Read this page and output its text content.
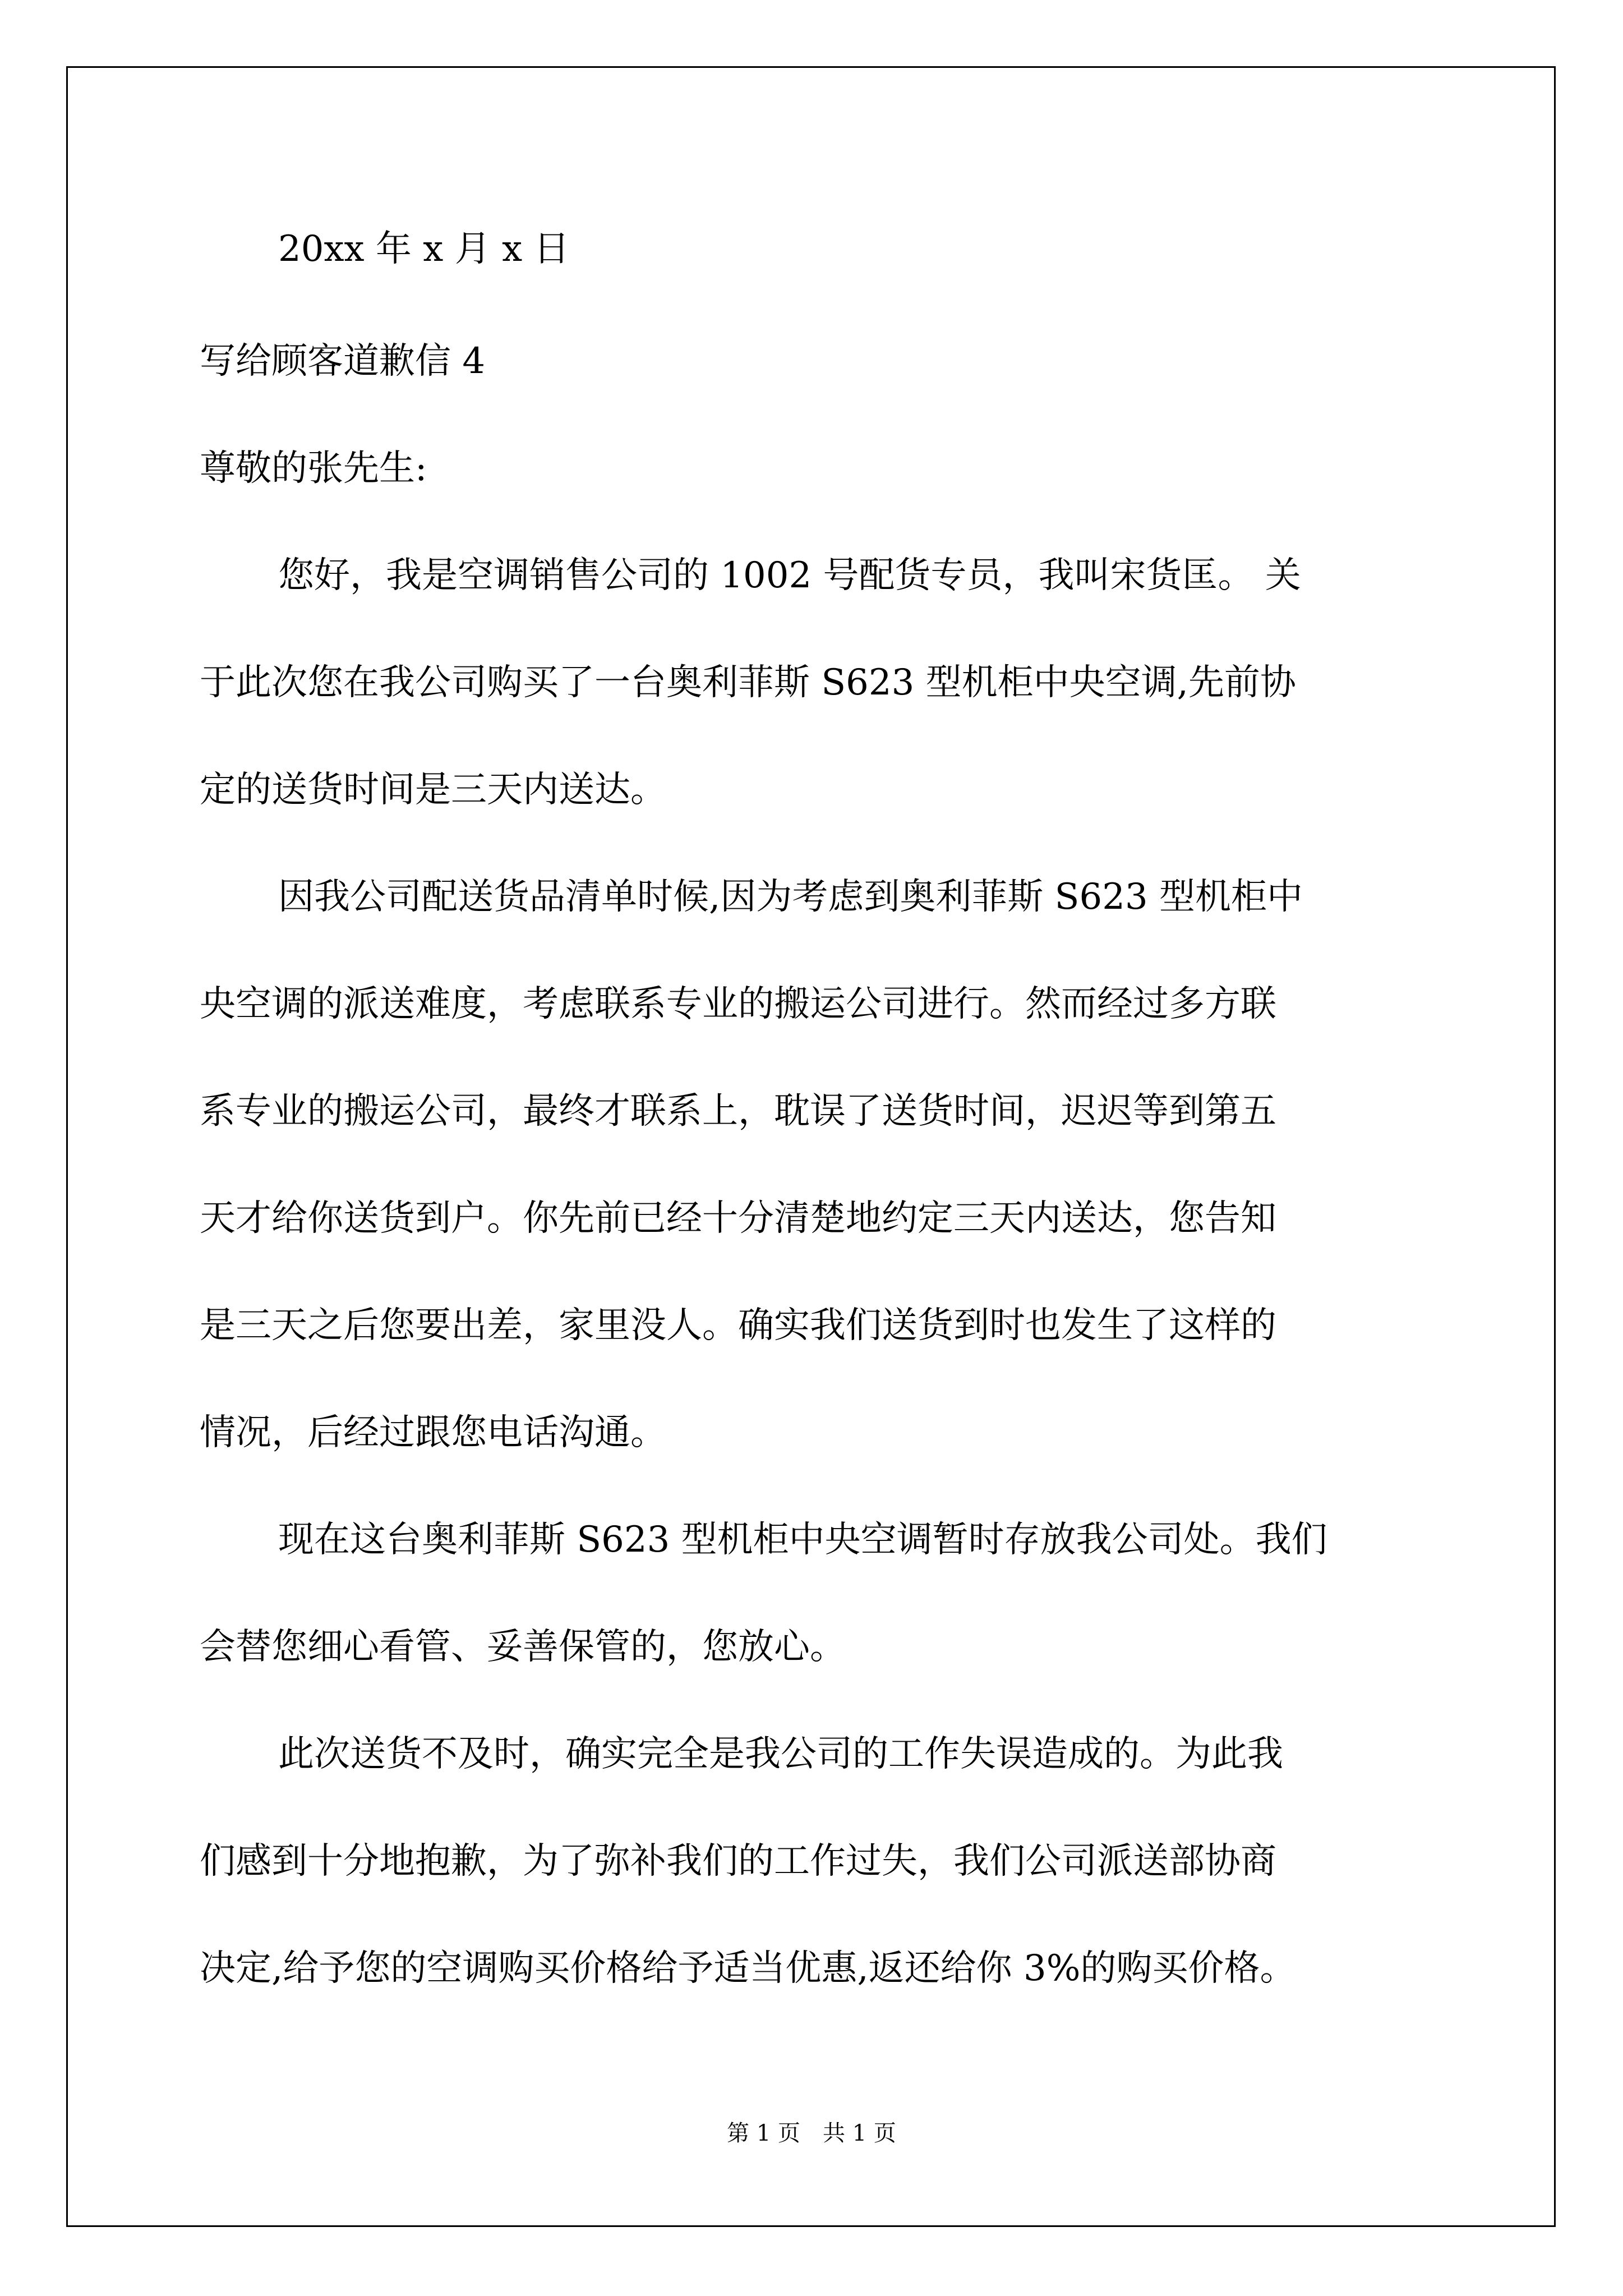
20xx 年 x 月 x 日
写给顾客道歉信 4
尊敬的张先生:
您好，我是空调销售公司的 1002 号配货专员，我叫宋货匡。 关
于此次您在我公司购买了一台奥利菲斯 S623 型机柜中央空调,先前协
定的送货时间是三天内送达。
因我公司配送货品清单时候,因为考虑到奥利菲斯 S623 型机柜中
央空调的派送难度，考虑联系专业的搬运公司进行。然而经过多方联
系专业的搬运公司，最终才联系上，耽误了送货时间，迟迟等到第五
天才给你送货到户。你先前已经十分清楚地约定三天内送达，您告知
是三天之后您要出差，家里没人。确实我们送货到时也发生了这样的
情况，后经过跟您电话沟通。
现在这台奥利菲斯 S623 型机柜中央空调暂时存放我公司处。我们
会替您细心看管、妥善保管的，您放心。
此次送货不及时，确实完全是我公司的工作失误造成的。为此我
们感到十分地抱歉，为了弥补我们的工作过失，我们公司派送部协商
决定,给予您的空调购买价格给予适当优惠,返还给你 3%的购买价格。
第 1 页　共 1 页
